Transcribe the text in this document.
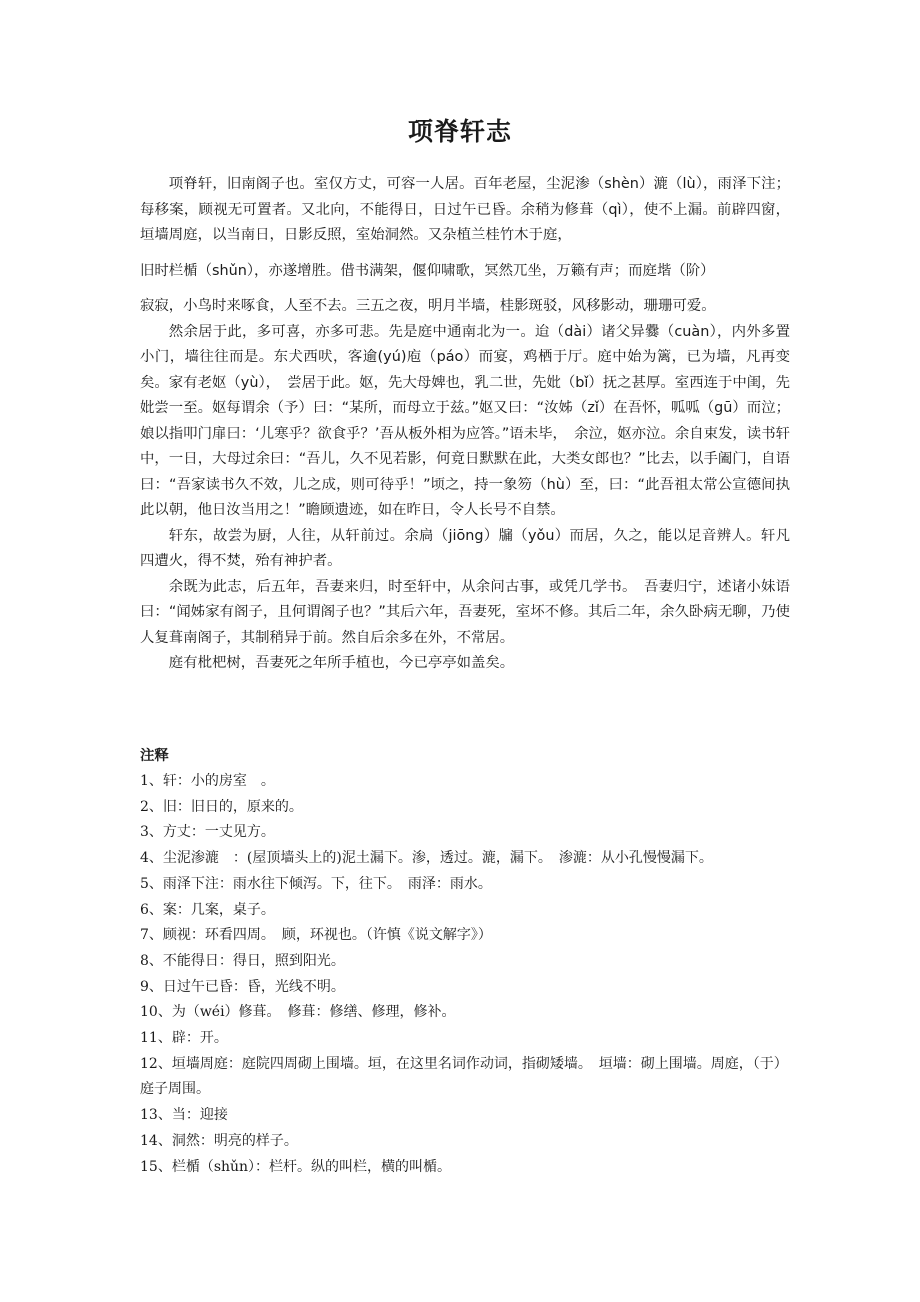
项脊轩志

项脊轩，旧南阁子也。室仅方丈，可容一人居。百年老屋，尘泥渗（shèn）漉（lù），雨泽下注；每移案，顾视无可置者。又北向，不能得日，日过午已昏。余稍为修葺（qì），使不上漏。前辟四窗，垣墙周庭，以当南日，日影反照，室始洞然。又杂植兰桂竹木于庭，

旧时栏楯（shǔn），亦遂增胜。借书满架，偃仰啸歌，冥然兀坐，万籁有声；而庭堦（阶）

寂寂，小鸟时来啄食，人至不去。三五之夜，明月半墙，桂影斑驳，风移影动，珊珊可爱。

然余居于此，多可喜，亦多可悲。先是庭中通南北为一。迨（dài）诸父异爨（cuàn），内外多置小门，墙往往而是。东犬西吠，客逾(yú)庖（páo）而宴，鸡栖于厅。庭中始为篱，已为墙，凡再变矣。家有老妪（yù），　尝居于此。妪，先大母婢也，乳二世，先妣（bǐ）抚之甚厚。室西连于中闺，先妣尝一至。妪每谓余（予）曰：“某所，而母立于兹。”妪又曰：“汝姊（zǐ）在吾怀，呱呱（gū）而泣；娘以指叩门扉曰：‘儿寒乎？欲食乎？’吾从板外相为应答。”语未毕，　余泣，妪亦泣。余自束发，读书轩中，一日，大母过余曰：“吾儿，久不见若影，何竟日默默在此，大类女郎也？”比去，以手阖门，自语曰：“吾家读书久不效，儿之成，则可待乎！”顷之，持一象笏（hù）至，曰：“此吾祖太常公宣德间执此以朝，他日汝当用之！”瞻顾遗迹，如在昨日，令人长号不自禁。

轩东，故尝为厨，人往，从轩前过。余扃（jiōng）牖（yǒu）而居，久之，能以足音辨人。轩凡四遭火，得不焚，殆有神护者。

余既为此志，后五年，吾妻来归，时至轩中，从余问古事，或凭几学书。　吾妻归宁，述诸小妹语曰：“闻姊家有阁子，且何谓阁子也？”其后六年，吾妻死，室坏不修。其后二年，余久卧病无聊，乃使人复葺南阁子，其制稍异于前。然自后余多在外，不常居。

庭有枇杷树，吾妻死之年所手植也，今已亭亭如盖矣。

注释

1、轩：小的房室　。

2、旧：旧日的，原来的。

3、方丈：一丈见方。

4、尘泥渗漉　：(屋顶墙头上的)泥土漏下。渗，透过。漉，漏下。　渗漉：从小孔慢慢漏下。

5、雨泽下注：雨水往下倾泻。下，往下。　雨泽：雨水。

6、案：几案，桌子。

7、顾视：环看四周。　顾，环视也。（许慎《说文解字》）

8、不能得日：得日，照到阳光。

9、日过午已昏：昏，光线不明。

10、为（wéi）修葺。　修葺：修缮、修理，修补。

11、辟：开。

12、垣墙周庭：庭院四周砌上围墙。垣，在这里名词作动词，指砌矮墙。　垣墙：砌上围墙。周庭，（于）庭子周围。

13、当：迎接

14、洞然：明亮的样子。

15、栏楯（shǔn）：栏杆。纵的叫栏，横的叫楯。
